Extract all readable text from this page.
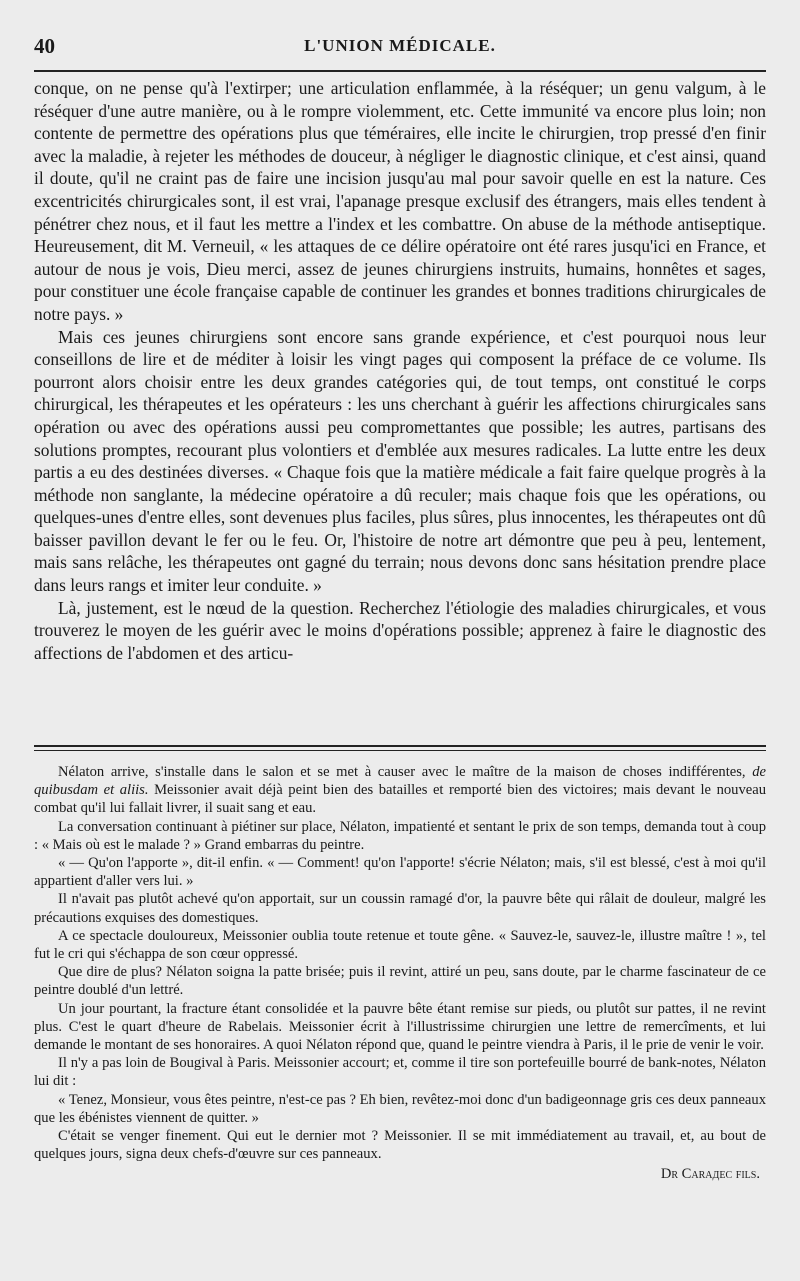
40	L'UNION MÉDICALE.

conque, on ne pense qu'à l'extirper; une articulation enflammée, à la réséquer; un genu valgum, à le réséquer d'une autre manière, ou à le rompre violemment, etc. Cette immunité va encore plus loin; non contente de permettre des opérations plus que téméraires, elle incite le chirurgien, trop pressé d'en finir avec la maladie, à rejeter les méthodes de douceur, à négliger le diagnostic clinique, et c'est ainsi, quand il doute, qu'il ne craint pas de faire une incision jusqu'au mal pour savoir quelle en est la nature. Ces excentricités chirurgicales sont, il est vrai, l'apanage presque exclusif des étrangers, mais elles tendent à pénétrer chez nous, et il faut les mettre a l'index et les combattre. On abuse de la méthode antiseptique. Heureusement, dit M. Verneuil, « les attaques de ce délire opératoire ont été rares jusqu'ici en France, et autour de nous je vois, Dieu merci, assez de jeunes chirurgiens instruits, humains, honnêtes et sages, pour constituer une école française capable de continuer les grandes et bonnes traditions chirurgicales de notre pays. »

Mais ces jeunes chirurgiens sont encore sans grande expérience, et c'est pourquoi nous leur conseillons de lire et de méditer à loisir les vingt pages qui composent la préface de ce volume. Ils pourront alors choisir entre les deux grandes catégories qui, de tout temps, ont constitué le corps chirurgical, les thérapeutes et les opérateurs : les uns cherchant à guérir les affections chirurgicales sans opération ou avec des opérations aussi peu compromettantes que possible; les autres, partisans des solutions promptes, recourant plus volontiers et d'emblée aux mesures radicales. La lutte entre les deux partis a eu des destinées diverses. « Chaque fois que la matière médicale a fait faire quelque progrès à la méthode non sanglante, la médecine opératoire a dû reculer; mais chaque fois que les opérations, ou quelques-unes d'entre elles, sont devenues plus faciles, plus sûres, plus innocentes, les thérapeutes ont dû baisser pavillon devant le fer ou le feu. Or, l'histoire de notre art démontre que peu à peu, lentement, mais sans relâche, les thérapeutes ont gagné du terrain; nous devons donc sans hésitation prendre place dans leurs rangs et imiter leur conduite. »

Là, justement, est le nœud de la question. Recherchez l'étiologie des maladies chirurgicales, et vous trouverez le moyen de les guérir avec le moins d'opérations possible; apprenez à faire le diagnostic des affections de l'abdomen et des articu-

Nélaton arrive, s'installe dans le salon et se met à causer avec le maître de la maison de choses indifférentes, de quibusdam et aliis. Meissonier avait déjà peint bien des batailles et remporté bien des victoires; mais devant le nouveau combat qu'il lui fallait livrer, il suait sang et eau.

La conversation continuant à piétiner sur place, Nélaton, impatienté et sentant le prix de son temps, demanda tout à coup : « Mais où est le malade ? » Grand embarras du peintre.

« — Qu'on l'apporte », dit-il enfin. « — Comment! qu'on l'apporte! s'écrie Nélaton; mais, s'il est blessé, c'est à moi qu'il appartient d'aller vers lui. »

Il n'avait pas plutôt achevé qu'on apportait, sur un coussin ramagé d'or, la pauvre bête qui râlait de douleur, malgré les précautions exquises des domestiques.

A ce spectacle douloureux, Meissonier oublia toute retenue et toute gêne. « Sauvez-le, sauvez-le, illustre maître ! », tel fut le cri qui s'échappa de son cœur oppressé.

Que dire de plus? Nélaton soigna la patte brisée; puis il revint, attiré un peu, sans doute, par le charme fascinateur de ce peintre doublé d'un lettré.

Un jour pourtant, la fracture étant consolidée et la pauvre bête étant remise sur pieds, ou plutôt sur pattes, il ne revint plus. C'est le quart d'heure de Rabelais. Meissonier écrit à l'illustrissime chirurgien une lettre de remercîments, et lui demande le montant de ses honoraires. A quoi Nélaton répond que, quand le peintre viendra à Paris, il le prie de venir le voir.

Il n'y a pas loin de Bougival à Paris. Meissonier accourt; et, comme il tire son portefeuille bourré de bank-notes, Nélaton lui dit :

« Tenez, Monsieur, vous êtes peintre, n'est-ce pas ? Eh bien, revêtez-moi donc d'un badigeonnage gris ces deux panneaux que les ébénistes viennent de quitter. »

C'était se venger finement. Qui eut le dernier mot ? Meissonier. Il se mit immédiatement au travail, et, au bout de quelques jours, signa deux chefs-d'œuvre sur ces panneaux.

Dr Carадес fils.
